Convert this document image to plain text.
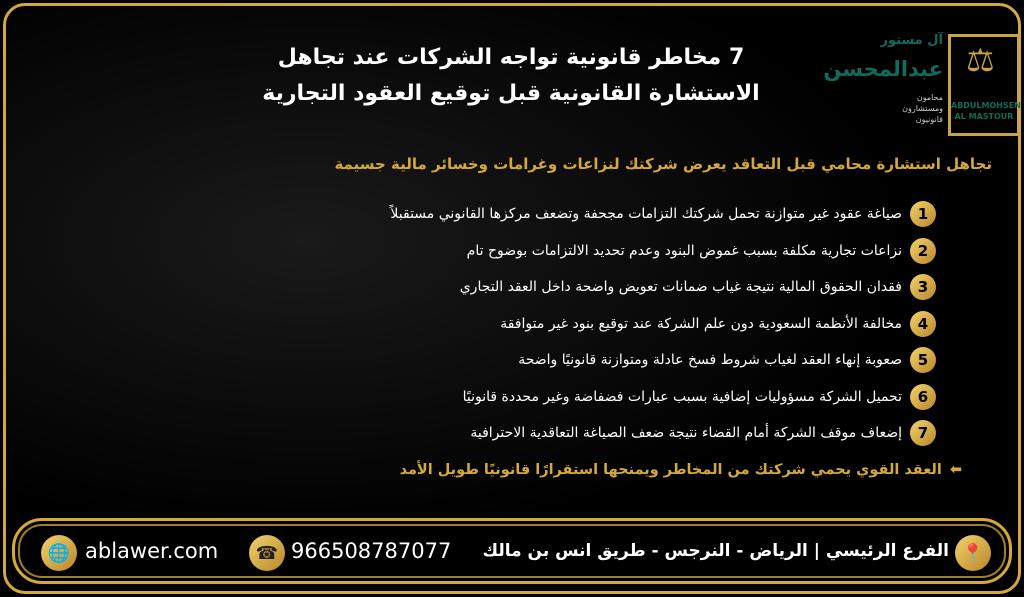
7 مخاطر قانونية تواجه الشركات عند تجاهل
الاستشارة القانونية قبل توقيع العقود التجارية
⚖
آل مستور
عبدالمحسن
محامون ومستشارون قانونيون
ABDULMOHSEN AL MASTOUR
تجاهل استشارة محامي قبل التعاقد يعرض شركتك لنزاعات وغرامات وخسائر مالية جسيمة
1
صياغة عقود غير متوازنة تحمل شركتك التزامات مجحفة وتضعف مركزها القانوني مستقبلاً
2
نزاعات تجارية مكلفة بسبب غموض البنود وعدم تحديد الالتزامات بوضوح تام
3
فقدان الحقوق المالية نتيجة غياب ضمانات تعويض واضحة داخل العقد التجاري
4
مخالفة الأنظمة السعودية دون علم الشركة عند توقيع بنود غير متوافقة
5
صعوبة إنهاء العقد لغياب شروط فسخ عادلة ومتوازنة قانونيًا واضحة
6
تحميل الشركة مسؤوليات إضافية بسبب عبارات فضفاضة وغير محددة قانونيًا
7
إضعاف موقف الشركة أمام القضاء نتيجة ضعف الصياغة التعاقدية الاحترافية
⬅
العقد القوي يحمي شركتك من المخاطر ويمنحها استقرارًا قانونيًا طويل الأمد
🌐 ablawer.com	☎ 966508787077 الفرع الرئيسي | الرياض - النرجس - طريق انس بن مالك 📍
